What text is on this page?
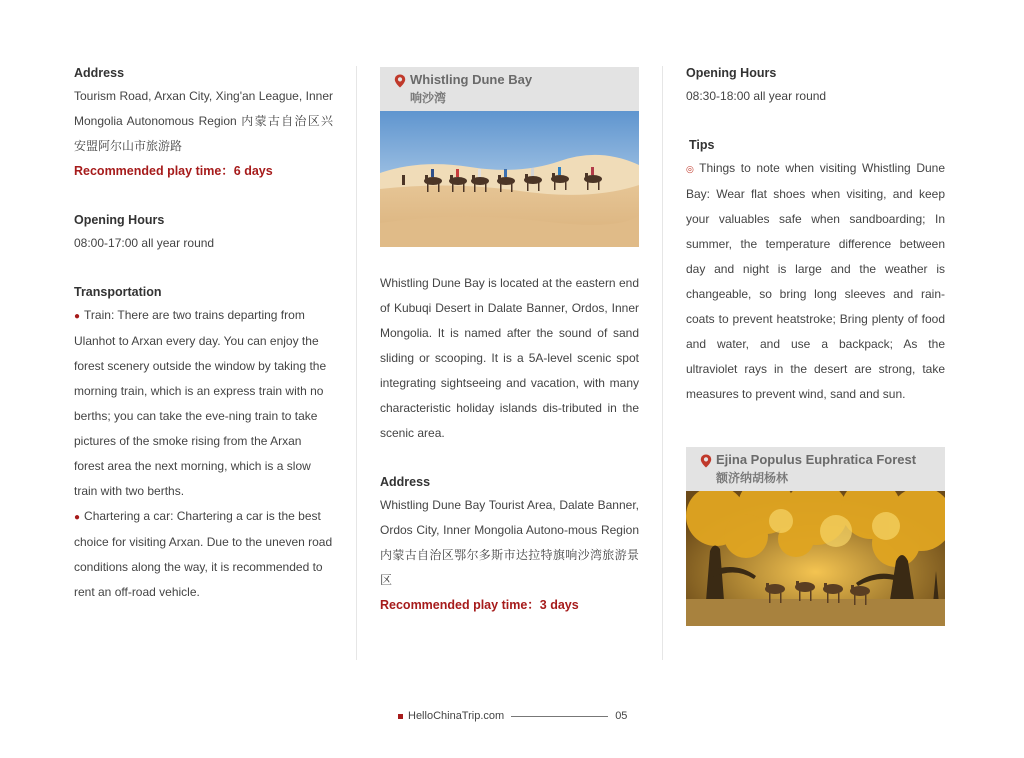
Address

Tourism Road, Arxan City, Xing'an League, Inner Mongolia Autonomous Region 内蒙古自治区兴安盟阿尔山市旅游路

Recommended play time：6 days

Opening Hours

08:00-17:00 all year round

Transportation

● Train: There are two trains departing from Ulanhot to Arxan every day. You can enjoy the forest scenery outside the window by taking the morning train, which is an express train with no berths; you can take the eve-ning train to take pictures of the smoke rising from the Arxan forest area the next morning, which is a slow train with two berths.

● Chartering a car: Chartering a car is the best choice for visiting Arxan. Due to the uneven road conditions along the way, it is recommended to rent an off-road vehicle.

Whistling Dune Bay
响沙湾

Whistling Dune Bay is located at the eastern end of Kubuqi Desert in Dalate Banner, Ordos, Inner Mongolia. It is named after the sound of sand sliding or scooping. It is a 5A-level scenic spot integrating sightseeing and vacation, with many characteristic holiday islands dis-tributed in the scenic area.

Address

Whistling Dune Bay Tourist Area, Dalate Banner, Ordos City, Inner Mongolia Autono-mous Region 内蒙古自治区鄂尔多斯市达拉特旗响沙湾旅游景区

Recommended play time：3 days

Opening Hours

08:30-18:00 all year round

Tips

◎ Things to note when visiting Whistling Dune Bay: Wear flat shoes when visiting, and keep your valuables safe when sandboarding; In summer, the temperature difference between day and night is large and the weather is changeable, so bring long sleeves and rain-coats to prevent heatstroke; Bring plenty of food and water, and use a backpack; As the ultraviolet rays in the desert are strong, take measures to prevent wind, sand and sun.

Ejina Populus Euphratica Forest
额济纳胡杨林
HelloChinaTrip.com	05
